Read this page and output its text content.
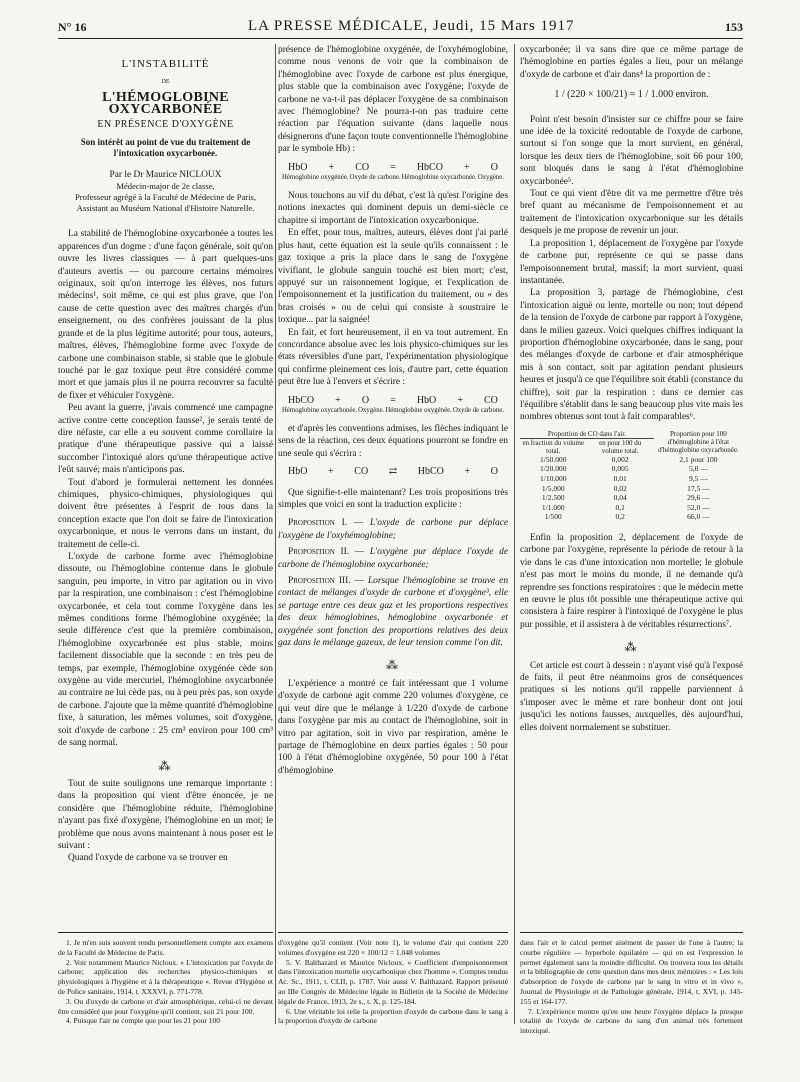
N° 16	LA PRESSE MÉDICALE, Jeudi, 15 Mars 1917	153

L'INSTABILITÉ

DE

L'HÉMOGLOBINE OXYCARBONÉE

EN PRÉSENCE D'OXYGÈNE

Son intérêt au point de vue du traitement de l'intoxication oxycarbonée.

Par le Dr Maurice NICLOUX

Médecin-major de 2e classe,

Professeur agrégé à la Faculté de Médecine de Paris,

Assistant au Muséum National d'Histoire Naturelle.

La stabilité de l'hémoglobine oxycarbonée a toutes les apparences d'un dogme : d'une façon générale, soit qu'on ouvre les livres classiques — à part quelques-uns d'auteurs avertis — ou parcoure certains mémoires originaux, soit qu'on interroge les élèves, nos futurs médecins¹, soit même, ce qui est plus grave, que l'on cause de cette question avec des maîtres chargés d'un enseignement, ou des confrères jouissant de la plus grande et de la plus légitime autorité; pour tous, auteurs, maîtres, élèves, l'hémoglobine forme avec l'oxyde de carbone une combinaison stable, si stable que le globule touché par le gaz toxique peut être considéré comme mort et que jamais plus il ne pourra recouvrer sa faculté de fixer et véhiculer l'oxygène.

Peu avant la guerre, j'avais commencé une campagne active contre cette conception fausse², je serais tenté de dire néfaste, car elle a eu souvent comme corollaire la pratique d'une thérapeutique passive qui a laissé succomber l'intoxiqué alors qu'une thérapeutique active l'eût sauvé; mais n'anticipons pas.

Tout d'abord je formulerai nettement les données chimiques, physico-chimiques, physiologiques qui doivent être présentes à l'esprit de tous dans la conception exacte que l'on doit se faire de l'intoxication oxycarbonique, et nous le verrons dans un instant, du traitement de celle-ci.

L'oxyde de carbone forme avec l'hémoglobine dissoute, ou l'hémoglobine contenue dans le globule sanguin, peu importe, in vitro par agitation ou in vivo par la respiration, une combinaison : c'est l'hémoglobine oxycarbonée, et cela tout comme l'oxygène dans les mêmes conditions forme l'hémoglobine oxygénée; la seule différence c'est que la première combinaison, l'hémoglobine oxycarbonée est plus stable, moins facilement dissociable que la seconde : en très peu de temps, par exemple, l'hémoglobine oxygénée cède son oxygène au vide mercuriel, l'hémoglobine oxycarbonée au contraire ne lui cède pas, ou à peu près pas, son oxyde de carbone. J'ajoute que la même quantité d'hémoglobine fixe, à saturation, les mêmes volumes, soit d'oxygène, soit d'oxyde de carbone : 25 cm³ environ pour 100 cm³ de sang normal.

⁂

Tout de suite soulignons une remarque importante : dans la proposition qui vient d'être énoncée, je ne considère que l'hémoglobine réduite, l'hémoglobine n'ayant pas fixé d'oxygène, l'hémoglobine en un mot; le problème que nous avons maintenant à nous poser est le suivant :

Quand l'oxyde de carbone va se trouver en

présence de l'hémoglobine oxygénée, de l'oxyhémoglobine, comme nous venons de voir que la combinaison de l'hémoglobine avec l'oxyde de carbone est plus énergique, plus stable que la combinaison avec l'oxygène; l'oxyde de carbone ne va-t-il pas déplacer l'oxygène de sa combinaison avec l'hémoglobine? Ne pourra-t-on pas traduire cette réaction par l'équation suivante (dans laquelle nous désignerons d'une façon toute conventionnelle l'hémoglobine par le symbole Hb) :

HbO + CO = HbCO + O
Hémoglobine oxygénée. Oxyde de carbone. Hémoglobine oxycarbonée. Oxygène.

Nous touchons au vif du débat, c'est là qu'est l'origine des notions inexactes qui dominent depuis un demi-siècle ce chapitre si important de l'intoxication oxycarbonique.

En effet, pour tous, maîtres, auteurs, élèves dont j'ai parlé plus haut, cette équation est la seule qu'ils connaissent : le gaz toxique a pris la place dans le sang de l'oxygène vivifiant, le globule sanguin touché est bien mort; c'est, appuyé sur un raisonnement logique, et l'explication de l'empoisonnement et la justification du traitement, ou « des bras croisés » ou de celui qui consiste à soustraire le toxique... par la saignée!

En fait, et fort heureusement, il en va tout autrement. En concordance absolue avec les lois physico-chimiques sur les états réversibles d'une part, l'expérimentation physiologique qui confirme pleinement ces lois, d'autre part, cette équation peut être lue à l'envers et s'écrire :

HbCO + O = HbO + CO
Hémoglobine oxycarbonée. Oxygène. Hémoglobine oxygénée. Oxyde de carbone.

et d'après les conventions admises, les flèches indiquant le sens de la réaction, ces deux équations pourront se fondre en une seule qui s'écrira :

HbO + CO ⇄ HbCO + O

Que signifie-t-elle maintenant? Les trois propositions très simples que voici en sont la traduction explicite :

Proposition I. — L'oxyde de carbone pur déplace l'oxygène de l'oxyhémoglobine;

Proposition II. — L'oxygène pur déplace l'oxyde de carbone de l'hémoglobine oxycarbonée;

Proposition III. — Lorsque l'hémoglobine se trouve en contact de mélanges d'oxyde de carbone et d'oxygène³, elle se partage entre ces deux gaz et les proportions respectives des deux hémoglobines, hémoglobine oxycarbonée et oxygénée sont fonction des proportions relatives des deux gaz dans le mélange gazeux, de leur tension comme l'on dit.

⁂

L'expérience a montré ce fait intéressant que 1 volume d'oxyde de carbone agit comme 220 volumes d'oxygène, ce qui veut dire que le mélange à 1/220 d'oxyde de carbone dans l'oxygène par mis au contact de l'hémoglobine, soit in vitro par agitation, soit in vivo par respiration, amène le partage de l'hémoglobine en deux parties égales : 50 pour 100 à l'état d'hémoglobine oxygénée, 50 pour 100 à l'état d'hémoglobine

oxycarbonée; il va sans dire que ce même partage de l'hémoglobine en parties égales a lieu, pour un mélange d'oxyde de carbone et d'air dans⁴ la proportion de :

1 / (220 × 100/21) = 1 / 1.000 environ.

Point n'est besoin d'insister sur ce chiffre pour se faire une idée de la toxicité redoutable de l'oxyde de carbone, surtout si l'on songe que la mort survient, en général, lorsque les deux tiers de l'hémoglobine, soit 66 pour 100, sont bloqués dans le sang à l'état d'hémoglobine oxycarbonée⁵.

Tout ce qui vient d'être dit va me permettre d'être très bref quant au mécanisme de l'empoisonnement et au traitement de l'intoxication oxycarbonique sur les détails desquels je me propose de revenir un jour.

La proposition 1, déplacement de l'oxygène par l'oxyde de carbone pur, représente ce qui se passe dans l'empoisonnement brutal, massif; la mort survient, quasi instantanée.

La proposition 3, partage de l'hémoglobine, c'est l'intoxication aiguë ou lente, mortelle ou non; tout dépend de la tension de l'oxyde de carbone par rapport à l'oxygène, dans le milieu gazeux. Voici quelques chiffres indiquant la proportion d'hémoglobine oxycarbonée, dans le sang, pour des mélanges d'oxyde de carbone et d'air atmosphérique mis à son contact, soit par agitation pendant plusieurs heures et jusqu'à ce que l'équilibre soit établi (constance du chiffre), soit par la respiration : dans ce dernier cas l'équilibre s'établit dans le sang beaucoup plus vite mais les nombres obtenus sont tout à fait comparables⁶.

Proportion de CO dans l'air.		Proportion pour 100 d'hémoglobine à l'état d'hémoglobine oxycarbonée.
en fraction du volume total.	en pour 100 du volume total.	
1/50.000	0,002	2,1 pour 100
1/20.000	0,005	5,0 —
1/10.000	0,01	9,5 —
1/5.000	0,02	17,5 —
1/2.500	0,04	29,6 —
1/1.000	0,1	52,0 —
1/500	0,2	66,0 —

Enfin la proposition 2, déplacement de l'oxyde de carbone par l'oxygène, représente la période de retour à la vie dans le cas d'une intoxication non mortelle; le globule n'est pas mort le moins du monde, il ne demande qu'à reprendre ses fonctions respiratoires : que le médecin mette en œuvre le plus tôt possible une thérapeutique active qui consistera à faire respirer à l'intoxiqué de l'oxygène le plus pur possible, et il assistera à de véritables résurrections⁷.

⁂

Cet article est court à dessein : n'ayant visé qu'à l'exposé de faits, il peut être néanmoins gros de conséquences pratiques si les notions qu'il rappelle parviennent à s'imposer avec le même et rare bonheur dont ont joui jusqu'ici les notions fausses, auxquelles, dès aujourd'hui, elles doivent normalement se substituer.

1. Je m'en suis souvent rendu personnellement compte aux examens de la Faculté de Médecine de Paris.

2. Voir notamment Maurice Nicloux. « L'intoxication par l'oxyde de carbone; application des recherches physico-chimiques et physiologiques à l'hygiène et à la thérapeutique ». Revue d'Hygiène et de Police sanitaire, 1914, t. XXXVI, p. 771-778.

3. Ou d'oxyde de carbone et d'air atmosphérique, celui-ci ne devant être considéré que pour l'oxygène qu'il contient, soit 21 pour 100.

4. Puisque l'air ne compte que pour les 21 pour 100

d'oxygène qu'il contient (Voir note 1), le volume d'air qui contient 220 volumes d'oxygène est 220 × 100/12 = 1.048 volumes

5. V. Balthazard et Maurice Nicloux. « Coefficient d'empoisonnement dans l'intoxication mortelle oxycarbonique chez l'homme ». Comptes rendus Ac. Sc., 1911, t. CLII, p. 1787. Voir aussi V. Balthazard. Rapport présenté au IIIe Congrès de Médecine légale in Bulletin de la Société de Médecine légale de France, 1913, 2e s., t. X, p. 125-184.

6. Une véritable loi relie la proportion d'oxyde de carbone dans le sang à la proportion d'oxyde de carbone

dans l'air et le calcul permet aisément de passer de l'une à l'autre; la courbe régulière — hyperbole équilatère — qui en est l'expression le permet également sans la moindre difficulté. On trouvera tous les détails et la bibliographie de cette question dans mes deux mémoires : « Les lois d'absorption de l'oxyde de carbone par le sang in vitro et in vivo », Journal de Physiologie et de Pathologie générale, 1914, t. XVI, p. 145-155 et 164-177.

7. L'expérience montre qu'en une heure l'oxygène déplace la presque totalité de l'oxyde de carbone du sang d'un animal très fortement intoxiqué.
